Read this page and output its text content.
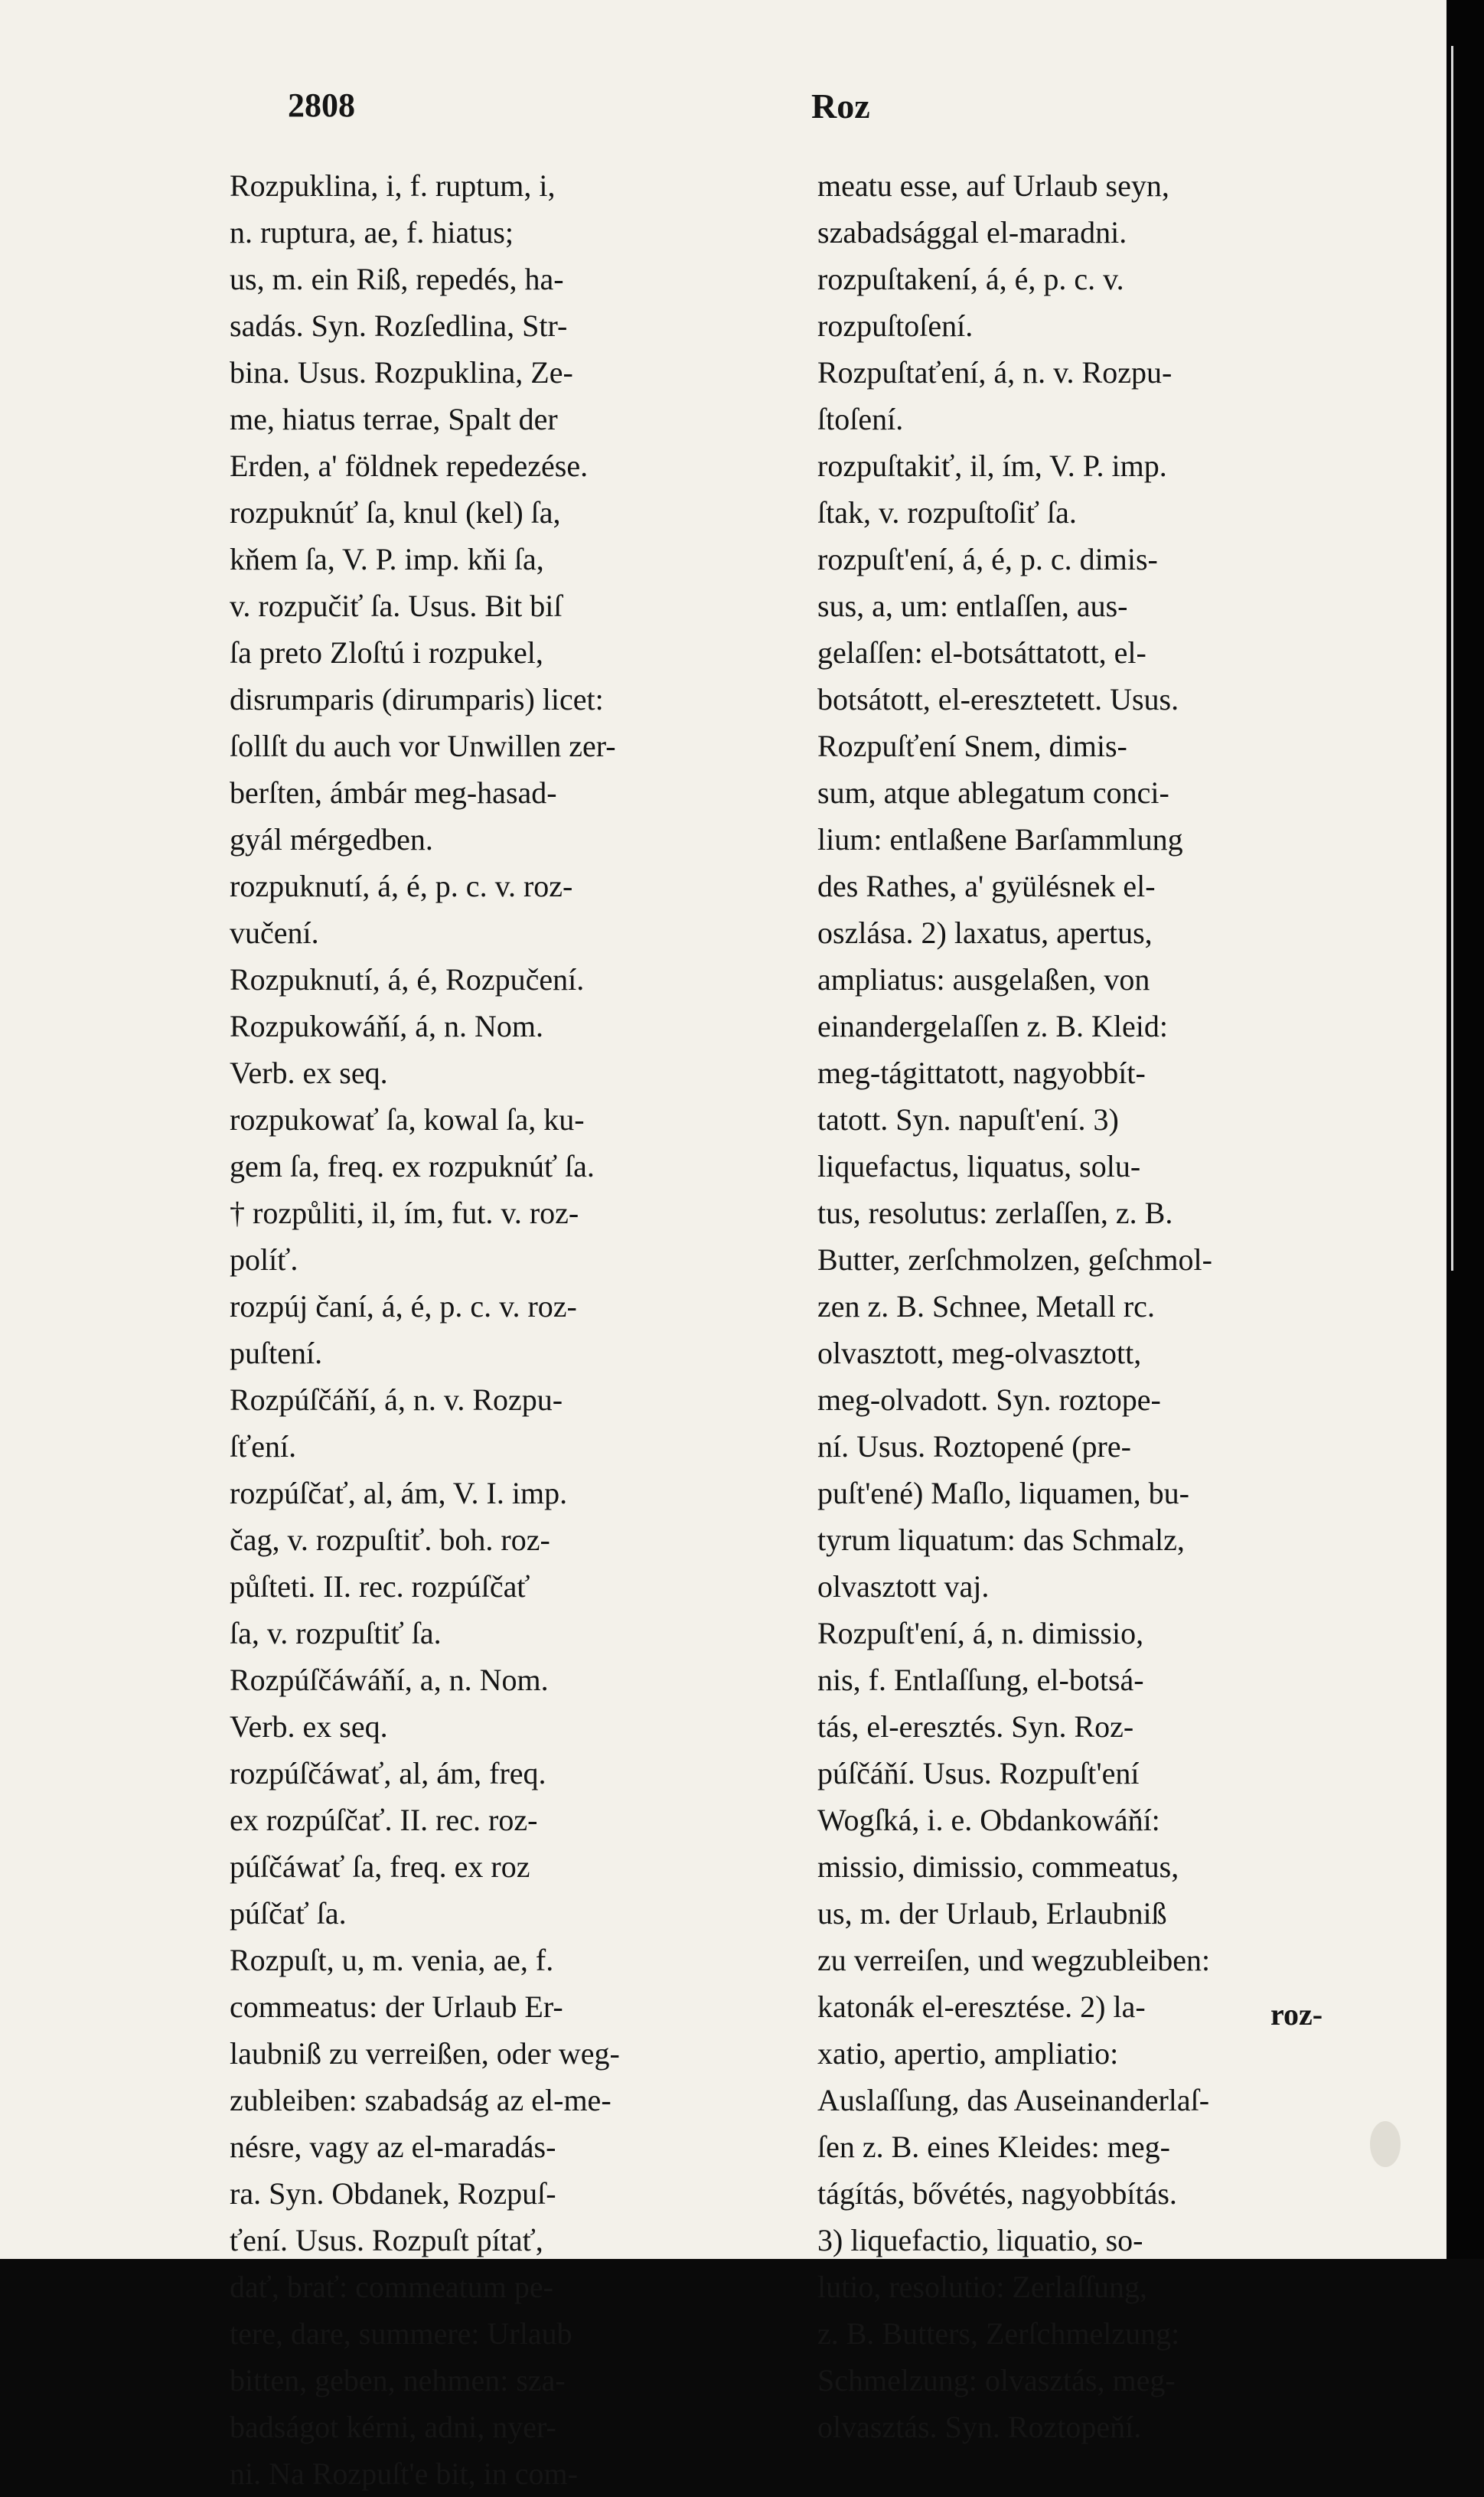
2808	Roz
Rozpuklina, i, f. ruptum, i,
n. ruptura, ae, f. hiatus;
us, m. ein Riß, repedés, ha-
sadás. Syn. Rozſedlina, Str-
bina. Usus. Rozpuklina, Ze-
me, hiatus terrae, Spalt der
Erden, a' földnek repedezése.
rozpuknúť ſa, knul (kel) ſa,
kňem ſa, V. P. imp. kňi ſa,
v. rozpučiť ſa. Usus. Bit biſ
ſa preto Zloſtú i rozpukel,
disrumparis (dirumparis) licet:
ſollſt du auch vor Unwillen zer-
berſten, ámbár meg-hasad-
gyál mérgedben.
rozpuknutí, á, é, p. c. v. roz-
vučení.
Rozpuknutí, á, é, Rozpučení.
Rozpukowáňí, á, n. Nom.
Verb. ex seq.
rozpukowať ſa, kowal ſa, ku-
gem ſa, freq. ex rozpuknúť ſa.
† rozpůliti, il, ím, fut. v. roz-
políť.
rozpúj čaní, á, é, p. c. v. roz-
puſtení.
Rozpúſčáňí, á, n. v. Rozpu-
ſťení.
rozpúſčať, al, ám, V. I. imp.
čag, v. rozpuſtiť. boh. roz-
půſteti. II. rec. rozpúſčať
ſa, v. rozpuſtiť ſa.
Rozpúſčáwáňí, a, n. Nom.
Verb. ex seq.
rozpúſčáwať, al, ám, freq.
ex rozpúſčať. II. rec. roz-
púſčáwať ſa, freq. ex roz
púſčať ſa.
Rozpuſt, u, m. venia, ae, f.
commeatus: der Urlaub Er-
laubniß zu verreißen, oder weg-
zubleiben: szabadság az el-me-
nésre, vagy az el-maradás-
ra. Syn. Obdanek, Rozpuſ-
ťení. Usus. Rozpuſt pítať,
dať, brať: commeatum pe-
tere, dare, summere: Urlaub
bitten, geben, nehmen: sza-
badságot kérni, adni, nyer-
ni. Na Rozpuſt'e bit, in com-
meatu esse, auf Urlaub seyn,
szabadsággal el-maradni.
rozpuſtakení, á, é, p. c. v.
rozpuſtoſení.
Rozpuſtaťení, á, n. v. Rozpu-
ſtoſení.
rozpuſtakiť, il, ím, V. P. imp.
ſtak, v. rozpuſtoſiť ſa.
rozpuſt'ení, á, é, p. c. dimis-
sus, a, um: entlaſſen, aus-
gelaſſen: el-botsáttatott, el-
botsátott, el-eresztetett. Usus.
Rozpuſťení Snem, dimis-
sum, atque ablegatum conci-
lium: entlaßene Barſammlung
des Rathes, a' gyülésnek el-
oszlása. 2) laxatus, apertus,
ampliatus: ausgelaßen, von
einandergelaſſen z. B. Kleid:
meg-tágittatott, nagyobbít-
tatott. Syn. napuſt'ení. 3)
liquefactus, liquatus, solu-
tus, resolutus: zerlaſſen, z. B.
Butter, zerſchmolzen, geſchmol-
zen z. B. Schnee, Metall rc.
olvasztott, meg-olvasztott,
meg-olvadott. Syn. roztope-
ní. Usus. Roztopené (pre-
puſt'ené) Maſlo, liquamen, bu-
tyrum liquatum: das Schmalz,
olvasztott vaj.
Rozpuſt'ení, á, n. dimissio,
nis, f. Entlaſſung, el-botsá-
tás, el-eresztés. Syn. Roz-
púſčáňí. Usus. Rozpuſt'ení
Wogſká, i. e. Obdankowáňí:
missio, dimissio, commeatus,
us, m. der Urlaub, Erlaubniß
zu verreiſen, und wegzubleiben:
katonák el-eresztése. 2) la-
xatio, apertio, ampliatio:
Auslaſſung, das Auseinanderlaſ-
ſen z. B. eines Kleides: meg-
tágítás, bővétés, nagyobbítás.
3) liquefactio, liquatio, so-
lutio, resolutio: Zerlaſſung,
z. B. Butters, Zerſchmelzung:
Schmelzung: olvasztás, meg-
olvasztás. Syn. Roztopeňí.
roz-
